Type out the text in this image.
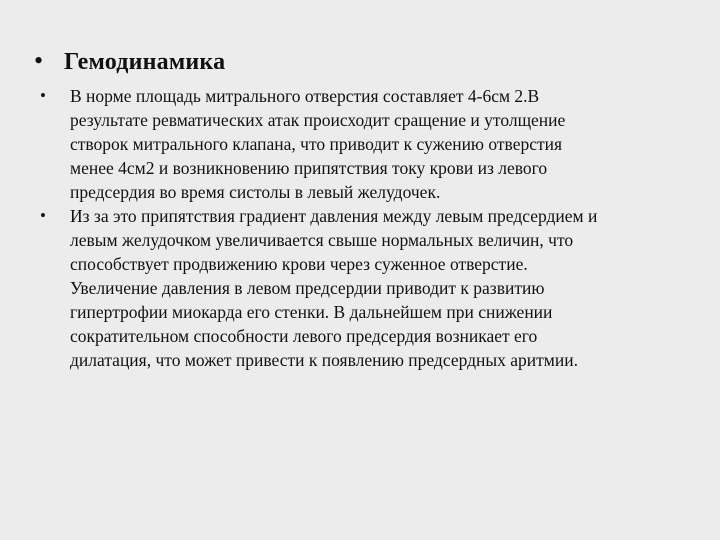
• Гемодинамика
•	В норме площадь митрального отверстия составляет 4-6см 2.В
результате ревматических атак происходит сращение и утолщение
створок митрального клапана, что приводит к сужению отверстия
менее 4см2 и возникновению припятствия току крови из левого
предсердия во время систолы в левый желудочек.
•	Из за это припятствия градиент давления между левым предсердием и
левым желудочком увеличивается свыше нормальных величин, что
способствует продвижению крови через суженное отверстие.
Увеличение давления в левом предсердии приводит к развитию
гипертрофии миокарда его стенки. В дальнейшем при снижении
сократительном способности левого предсердия возникает его
дилатация, что может привести к появлению предсердных аритмии.
